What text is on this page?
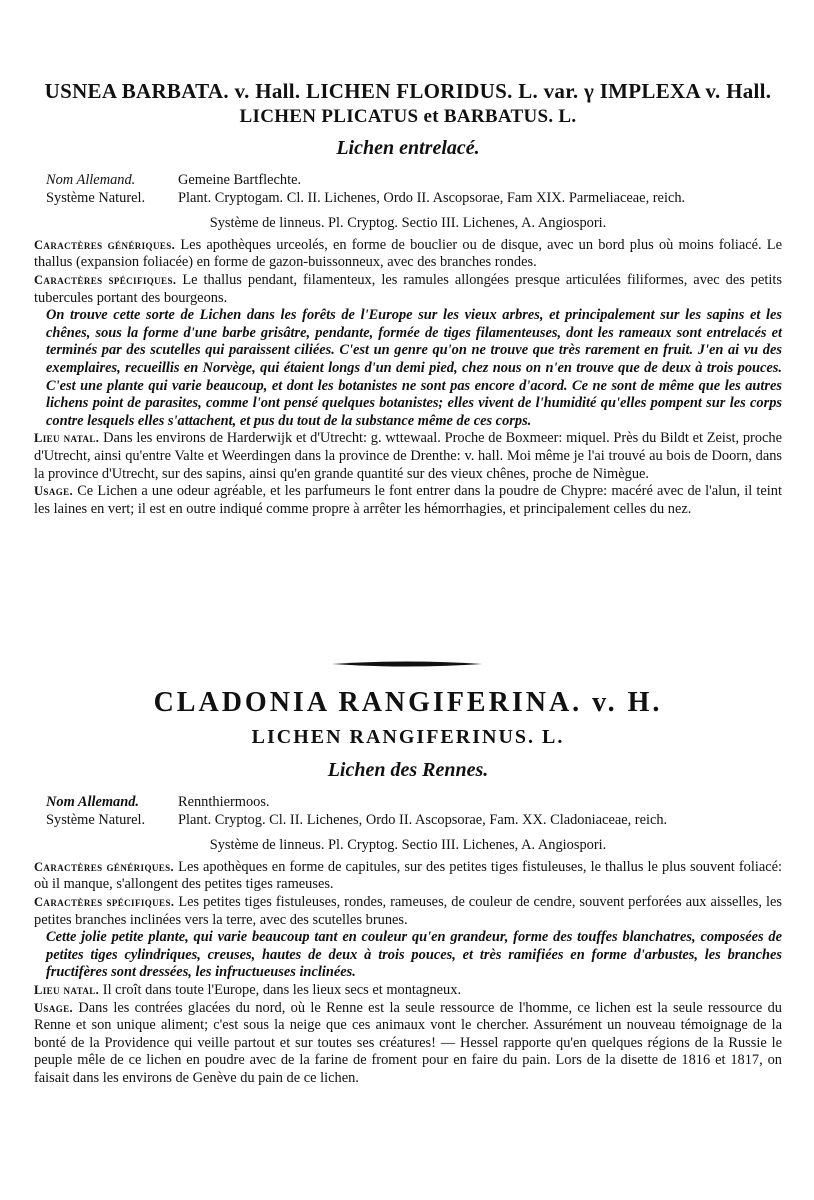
USNEA BARBATA. v. Hall. LICHEN FLORIDUS. L. var. γ IMPLEXA v. Hall.
LICHEN PLICATUS et BARBATUS. L.
Lichen entrelacé.
Nom Allemand.	Gemeine Bartflechte.
Système Naturel.	Plant. Cryptogam. Cl. II. Lichenes, Ordo II. Ascopsorae, Fam XIX. Parmeliaceae, reich.
Système de linneus. Pl. Cryptog. Sectio III. Lichenes, A. Angiospori.

Caractères génériques. Les apothèques urceolés, en forme de bouclier ou de disque, avec un bord plus où moins foliacé. Le thallus (expansion foliacée) en forme de gazon-buissonneux, avec des branches rondes.

Caractères spécifiques. Le thallus pendant, filamenteux, les ramules allongées presque articulées filiformes, avec des petits tubercules portant des bourgeons.

On trouve cette sorte de Lichen dans les forêts de l'Europe sur les vieux arbres, et principalement sur les sapins et les chênes, sous la forme d'une barbe grisâtre, pendante, formée de tiges filamenteuses, dont les rameaux sont entrelacés et terminés par des scutelles qui paraissent ciliées. C'est un genre qu'on ne trouve que très rarement en fruit. J'en ai vu des exemplaires, recueillis en Norvège, qui étaient longs d'un demi pied, chez nous on n'en trouve que de deux à trois pouces. C'est une plante qui varie beaucoup, et dont les botanistes ne sont pas encore d'acord. Ce ne sont de même que les autres lichens point de parasites, comme l'ont pensé quelques botanistes; elles vivent de l'humidité qu'elles pompent sur les corps contre lesquels elles s'attachent, et pus du tout de la substance même de ces corps.

Lieu natal. Dans les environs de Harderwijk et d'Utrecht: g. wttewaal. Proche de Boxmeer: miquel. Près du Bildt et Zeist, proche d'Utrecht, ainsi qu'entre Valte et Weerdingen dans la province de Drenthe: v. hall. Moi même je l'ai trouvé au bois de Doorn, dans la province d'Utrecht, sur des sapins, ainsi qu'en grande quantité sur des vieux chênes, proche de Nimègue.

Usage. Ce Lichen a une odeur agréable, et les parfumeurs le font entrer dans la poudre de Chypre: macéré avec de l'alun, il teint les laines en vert; il est en outre indiqué comme propre à arrêter les hémorrhagies, et principalement celles du nez.

CLADONIA RANGIFERINA. v. H.
LICHEN RANGIFERINUS. L.
Lichen des Rennes.
Nom Allemand.	Rennthiermoos.
Système Naturel.	Plant. Cryptog. Cl. II. Lichenes, Ordo II. Ascopsorae, Fam. XX. Cladoniaceae, reich.
Système de linneus. Pl. Cryptog. Sectio III. Lichenes, A. Angiospori.

Caractères génériques. Les apothèques en forme de capitules, sur des petites tiges fistuleuses, le thallus le plus souvent foliacé: où il manque, s'allongent des petites tiges rameuses.

Caractères spécifiques. Les petites tiges fistuleuses, rondes, rameuses, de couleur de cendre, souvent perforées aux aisselles, les petites branches inclinées vers la terre, avec des scutelles brunes.

Cette jolie petite plante, qui varie beaucoup tant en couleur qu'en grandeur, forme des touffes blanchatres, composées de petites tiges cylindriques, creuses, hautes de deux à trois pouces, et très ramifiées en forme d'arbustes, les branches fructifères sont dressées, les infructueuses inclinées.

Lieu natal. Il croît dans toute l'Europe, dans les lieux secs et montagneux.

Usage. Dans les contrées glacées du nord, où le Renne est la seule ressource de l'homme, ce lichen est la seule ressource du Renne et son unique aliment; c'est sous la neige que ces animaux vont le chercher. Assurément un nouveau témoignage de la bonté de la Providence qui veille partout et sur toutes ses créatures! — Hessel rapporte qu'en quelques régions de la Russie le peuple mêle de ce lichen en poudre avec de la farine de froment pour en faire du pain. Lors de la disette de 1816 et 1817, on faisait dans les environs de Genève du pain de ce lichen.
